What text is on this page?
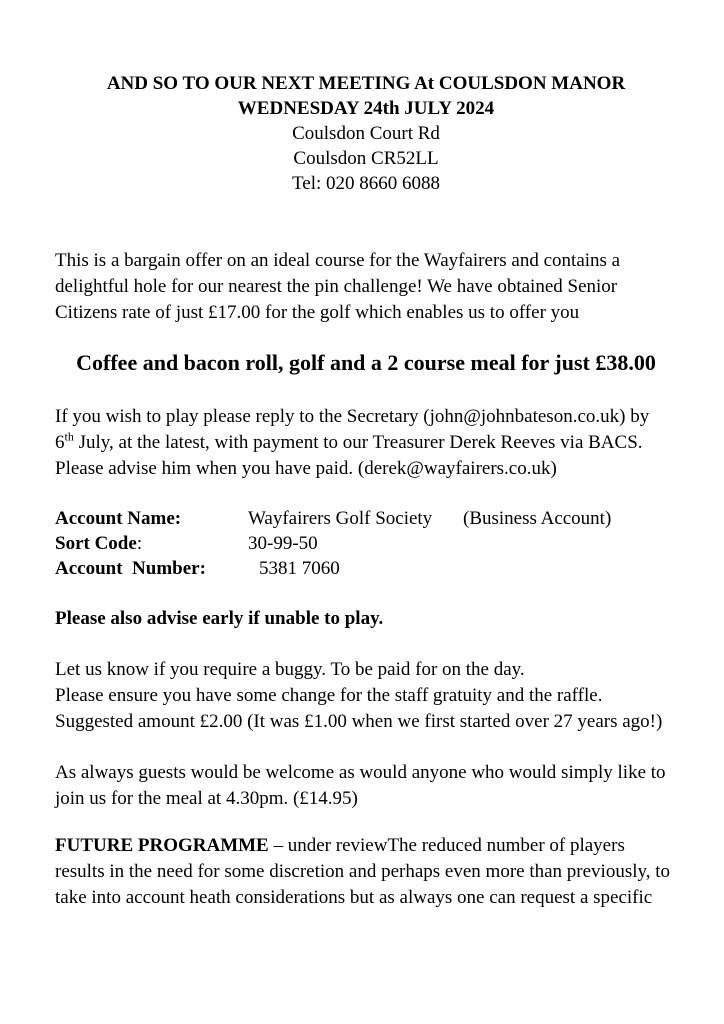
AND SO TO OUR NEXT MEETING At COULSDON MANOR
WEDNESDAY 24th JULY 2024
Coulsdon Court Rd
Coulsdon CR52LL
Tel: 020 8660 6088
This is a bargain offer on an ideal course for the Wayfairers and contains a
delightful hole for our nearest the pin challenge! We have obtained Senior
Citizens rate of just £17.00 for the golf which enables us to offer you
Coffee and bacon roll, golf and a 2 course meal for just £38.00
If you wish to play please reply to the Secretary (john@johnbateson.co.uk) by
6th July, at the latest, with payment to our Treasurer Derek Reeves via BACS.
Please advise him when you have paid. (derek@wayfairers.co.uk)
Account Name:	Wayfairers Golf Society (Business Account)
Sort Code:	30-99-50
Account  Number:	5381 7060
Please also advise early if unable to play.
Let us know if you require a buggy. To be paid for on the day.
Please ensure you have some change for the staff gratuity and the raffle.
Suggested amount £2.00 (It was £1.00 when we first started over 27 years ago!)
As always guests would be welcome as would anyone who would simply like to
join us for the meal at 4.30pm. (£14.95)
FUTURE PROGRAMME – under reviewThe reduced number of players
results in the need for some discretion and perhaps even more than previously, to
take into account heath considerations but as always one can request a specific
